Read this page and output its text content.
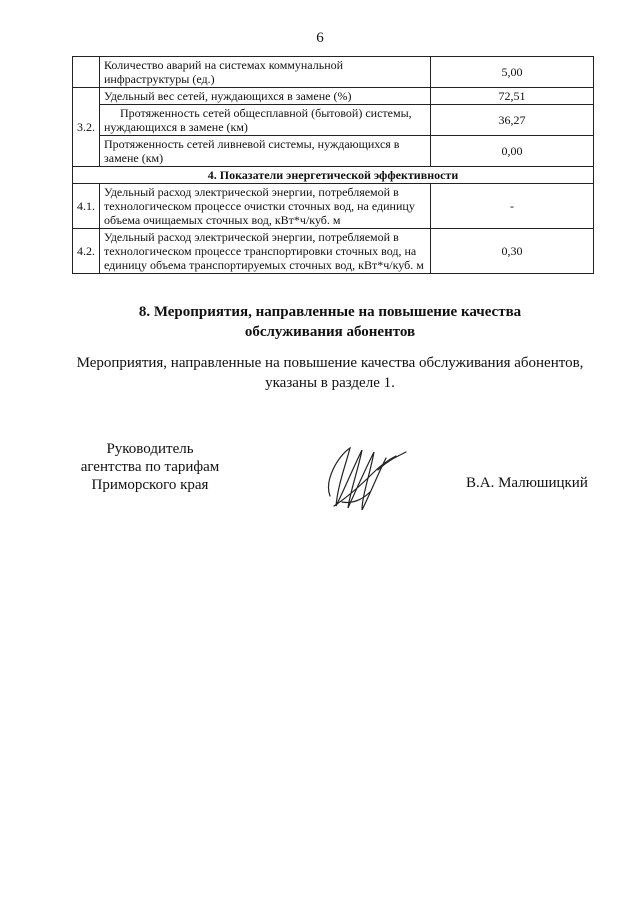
6
	Количество аварий на системах коммунальной инфраструктуры (ед.)	5,00
3.2.	Удельный вес сетей, нуждающихся в замене (%)	72,51
	Протяженность сетей общесплавной (бытовой) системы, нуждающихся в замене (км)	36,27
	Протяженность сетей ливневой системы, нуждающихся в замене (км)	0,00
4. Показатели энергетической эффективности		
4.1.	Удельный расход электрической энергии, потребляемой в технологическом процессе очистки сточных вод, на единицу объема очищаемых сточных вод, кВт*ч/куб. м	-
4.2.	Удельный расход электрической энергии, потребляемой в технологическом процессе транспортировки сточных вод, на единицу объема транспортируемых сточных вод, кВт*ч/куб. м	0,30
8. Мероприятия, направленные на повышение качества
обслуживания абонентов
Мероприятия, направленные на повышение качества обслуживания абонентов, указаны в разделе 1.
Руководитель
агентства по тарифам
Приморского края	В.А. Малюшицкий
